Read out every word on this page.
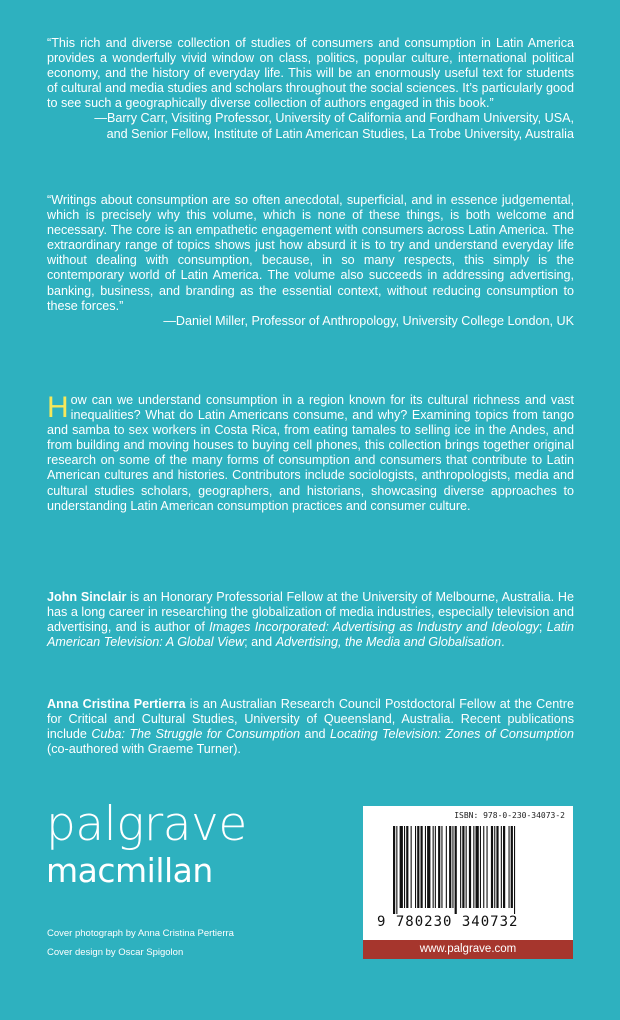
“This rich and diverse collection of studies of consumers and consumption in Latin America provides a wonderfully vivid window on class, politics, popular culture, international political economy, and the history of everyday life. This will be an enormously useful text for students of cultural and media studies and scholars throughout the social sciences. It’s particularly good to see such a geographically diverse collection of authors engaged in this book.”

—Barry Carr, Visiting Professor, University of California and Fordham University, USA,

and Senior Fellow, Institute of Latin American Studies, La Trobe University, Australia

“Writings about consumption are so often anecdotal, superficial, and in essence judgemental, which is precisely why this volume, which is none of these things, is both welcome and necessary. The core is an empathetic engagement with consumers across Latin America. The extraordinary range of topics shows just how absurd it is to try and understand everyday life without dealing with consumption, because, in so many respects, this simply is the contemporary world of Latin America. The volume also succeeds in addressing advertising, banking, business, and branding as the essential context, without reducing consumption to these forces.”

—Daniel Miller, Professor of Anthropology, University College London, UK

How can we understand consumption in a region known for its cultural richness and vast inequalities? What do Latin Americans consume, and why? Examining topics from tango and samba to sex workers in Costa Rica, from eating tamales to selling ice in the Andes, and from building and moving houses to buying cell phones, this collection brings together original research on some of the many forms of consumption and consumers that contribute to Latin American cultures and histories. Contributors include sociologists, anthropologists, media and cultural studies scholars, geographers, and historians, showcasing diverse approaches to understanding Latin American consumption practices and consumer culture.
John Sinclair is an Honorary Professorial Fellow at the University of Melbourne, Australia. He has a long career in researching the globalization of media industries, especially television and advertising, and is author of Images Incorporated: Advertising as Industry and Ideology; Latin American Television: A Global View; and Advertising, the Media and Globalisation.
Anna Cristina Pertierra is an Australian Research Council Postdoctoral Fellow at the Centre for Critical and Cultural Studies, University of Queensland, Australia. Recent publications include Cuba: The Struggle for Consumption and Locating Television: Zones of Consumption (co-authored with Graeme Turner).
palgrave
macmillan
Cover photograph by Anna Cristina Pertierra
Cover design by Oscar Spigolon
ISBN: 978-0-230-34073-2
9 780230 340732
www.palgrave.com
